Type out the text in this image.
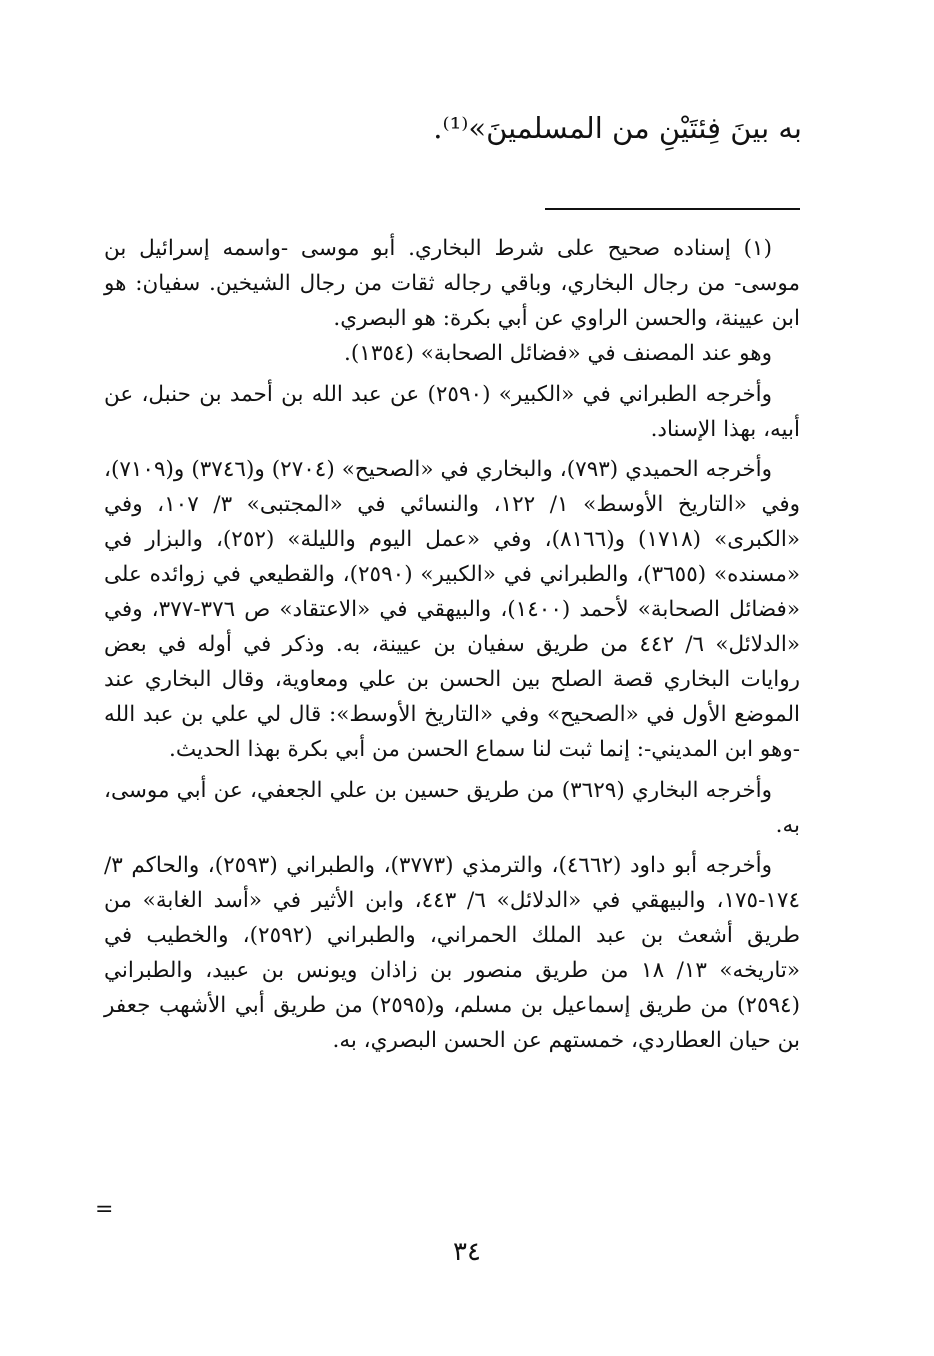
به بينَ فِئتَيْنِ من المسلمينَ»⁽¹⁾.

(١) إسناده صحيح على شرط البخاري. أبو موسى -واسمه إسرائيل بن موسى- من رجال البخاري، وباقي رجاله ثقات من رجال الشيخين. سفيان: هو ابن عيينة، والحسن الراوي عن أبي بكرة: هو البصري.

وهو عند المصنف في «فضائل الصحابة» (١٣٥٤).

وأخرجه الطبراني في «الكبير» (٢٥٩٠) عن عبد الله بن أحمد بن حنبل، عن أبيه، بهذا الإسناد.

وأخرجه الحميدي (٧٩٣)، والبخاري في «الصحيح» (٢٧٠٤) و(٣٧٤٦) و(٧١٠٩)، وفي «التاريخ الأوسط» ١/ ١٢٢، والنسائي في «المجتبى» ٣/ ١٠٧، وفي «الكبرى» (١٧١٨) و(٨١٦٦)، وفي «عمل اليوم والليلة» (٢٥٢)، والبزار في «مسنده» (٣٦٥٥)، والطبراني في «الكبير» (٢٥٩٠)، والقطيعي في زوائده على «فضائل الصحابة» لأحمد (١٤٠٠)، والبيهقي في «الاعتقاد» ص ٣٧٦-٣٧٧، وفي «الدلائل» ٦/ ٤٤٢ من طريق سفيان بن عيينة، به. وذكر في أوله في بعض روايات البخاري قصة الصلح بين الحسن بن علي ومعاوية، وقال البخاري عند الموضع الأول في «الصحيح» وفي «التاريخ الأوسط»: قال لي علي بن عبد الله -وهو ابن المديني-: إنما ثبت لنا سماع الحسن من أبي بكرة بهذا الحديث.

وأخرجه البخاري (٣٦٢٩) من طريق حسين بن علي الجعفي، عن أبي موسى، به.

وأخرجه أبو داود (٤٦٦٢)، والترمذي (٣٧٧٣)، والطبراني (٢٥٩٣)، والحاكم ٣/ ١٧٤-١٧٥، والبيهقي في «الدلائل» ٦/ ٤٤٣، وابن الأثير في «أسد الغابة» من طريق أشعث بن عبد الملك الحمراني، والطبراني (٢٥٩٢)، والخطيب في «تاريخه» ١٣/ ١٨ من طريق منصور بن زاذان ويونس بن عبيد، والطبراني (٢٥٩٤) من طريق إسماعيل بن مسلم، و(٢٥٩٥) من طريق أبي الأشهب جعفر بن حيان العطاردي، خمستهم عن الحسن البصري، به.

=
٣٤
